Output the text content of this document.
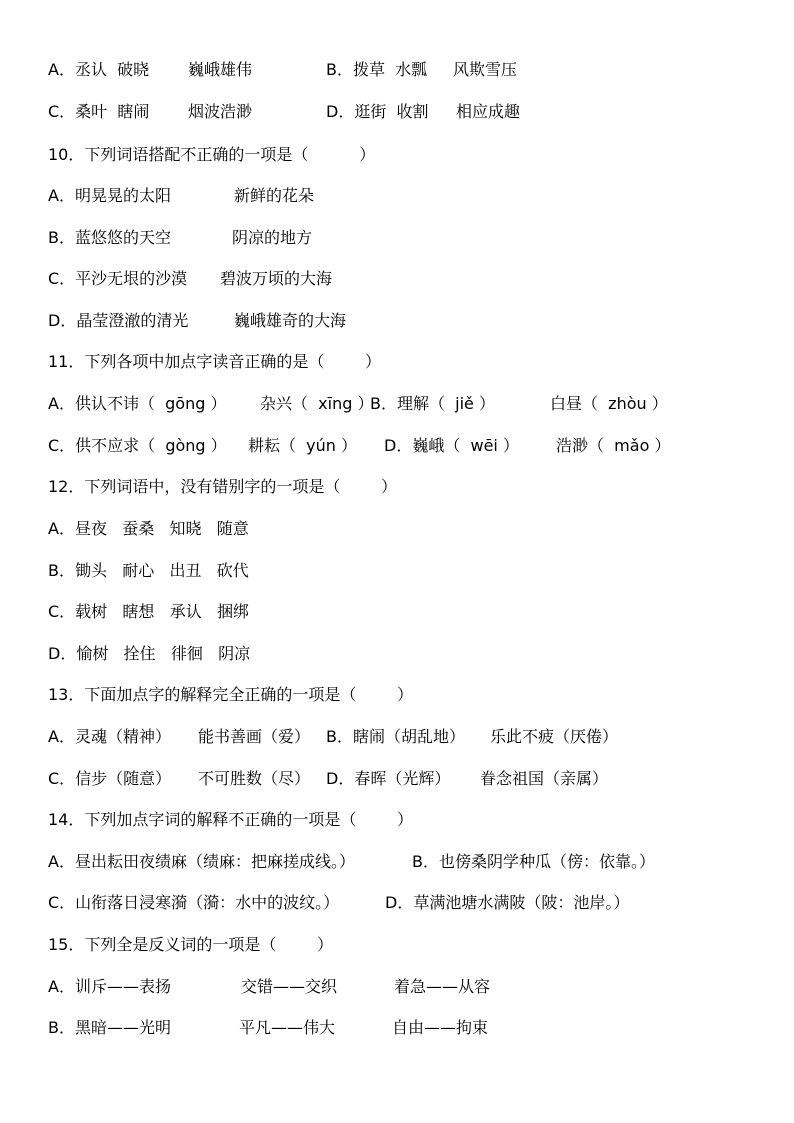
A．丞认  破晓 巍峨雄伟	B．拨草  水瓢 风欺雪压
C．桑叶  瞎闹 烟波浩渺	D．逛街  收割 相应成趣
10．下列词语搭配不正确的一项是（          ）
A．明晃晃的太阳	新鲜的花朵
B．蓝悠悠的天空	阴凉的地方
C．平沙无垠的沙漠 碧波万顷的大海
D．晶莹澄澈的清光	巍峨雄奇的大海
11．下列各项中加点字读音正确的是（        ）
A．供认不讳（  gōng ） 杂兴（  xīng ）
B．理解（  jiě ）	白昼（  zhòu ）
C．供不应求（  gòng ） 耕耘（  yún ） D．巍峨（  wēi ） 浩渺（  mǎo ）
12．下列词语中，没有错别字的一项是（        ）
A．昼夜   蚕桑   知晓   随意
B．锄头   耐心   出丑   砍代
C．载树   瞎想   承认   捆绑
D．愉树   拴住   徘徊   阴凉
13．下面加点字的解释完全正确的一项是（        ）
A．灵魂（精神） 能书善画（爱） B．瞎闹（胡乱地） 乐此不疲（厌倦）
C．信步（随意） 不可胜数（尽） D．春晖（光辉） 眷念祖国（亲属）
14．下列加点字词的解释不正确的一项是（        ）
A．昼出耘田夜绩麻（绩麻：把麻搓成线。）	B．也傍桑阴学种瓜（傍：依靠。）
C．山衔落日浸寒漪（漪：水中的波纹。）	D．草满池塘水满陂（陂：池岸。）
15．下列全是反义词的一项是（        ）
A．训斥——表扬	交错——交织	着急——从容
B．黑暗——光明	平凡——伟大	自由——拘束
